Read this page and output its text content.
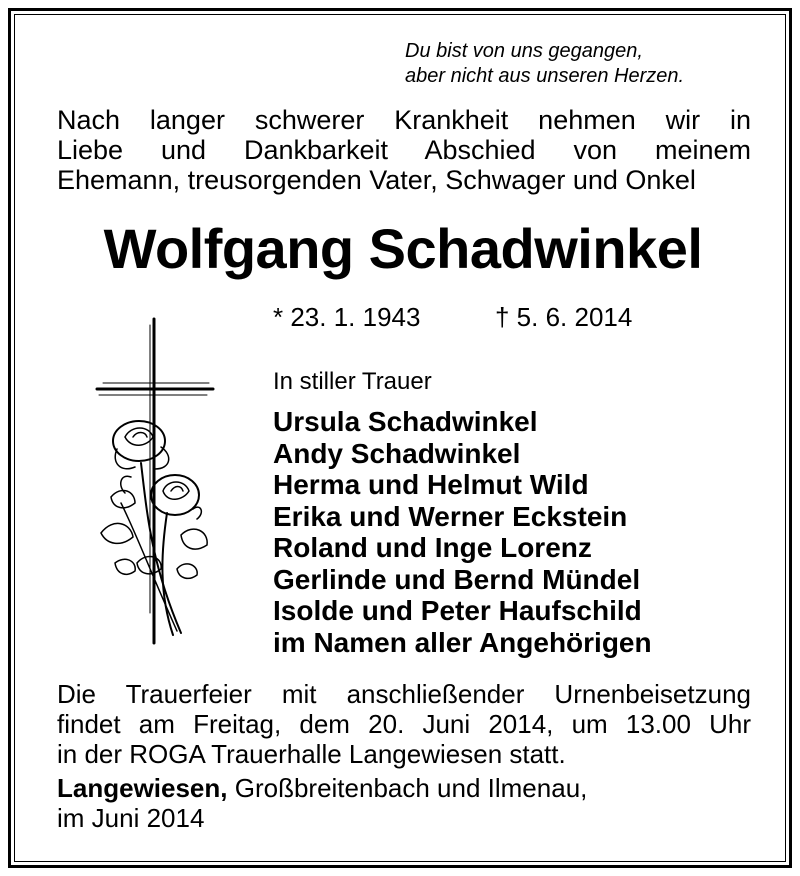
Du bist von uns gegangen,
aber nicht aus unseren Herzen.
Nach langer schwerer Krankheit nehmen wir in
Liebe und Dankbarkeit Abschied von meinem
Ehemann, treusorgenden Vater, Schwager und Onkel
Wolfgang Schadwinkel
* 23. 1. 1943	† 5. 6. 2014
In stiller Trauer
Ursula Schadwinkel
Andy Schadwinkel
Herma und Helmut Wild
Erika und Werner Eckstein
Roland und Inge Lorenz
Gerlinde und Bernd Mündel
Isolde und Peter Haufschild
im Namen aller Angehörigen
Die Trauerfeier mit anschließender Urnenbeisetzung
findet am Freitag, dem 20. Juni 2014, um 13.00 Uhr
in der ROGA Trauerhalle Langewiesen statt.
Langewiesen, Großbreitenbach und Ilmenau,
im Juni 2014
